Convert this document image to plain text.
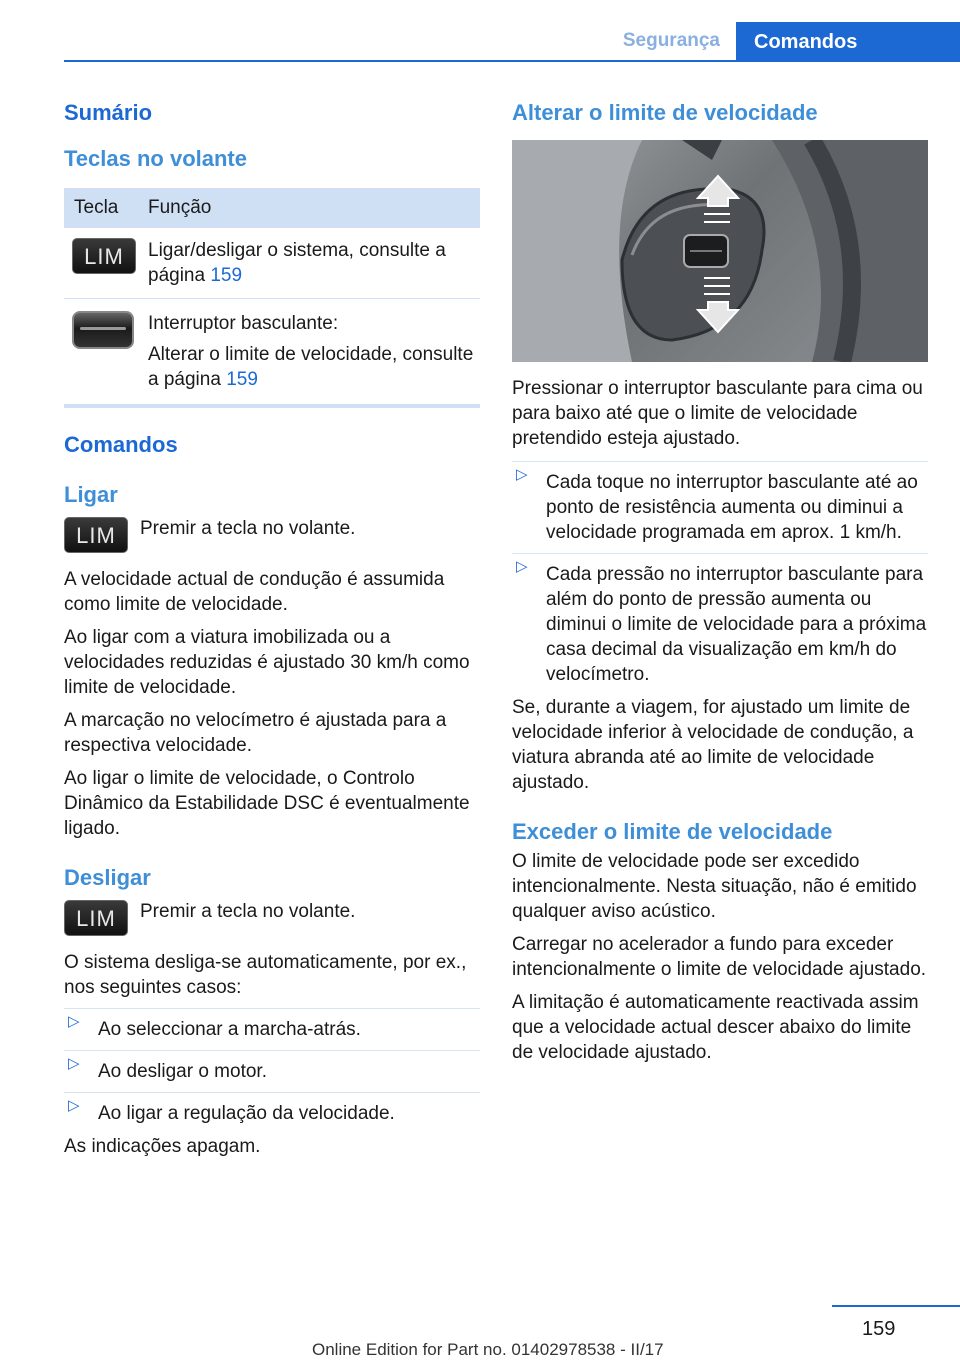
Segurança	Comandos
Sumário
Teclas no volante
Tecla	Função

LIM	Ligar/desligar o sistema, consulte a página 159

	Interruptor basculante:
Alterar o limite de velocidade, consulte a página 159
Comandos
Ligar
LIM	Premir a tecla no volante.

A velocidade actual de condução é assumida como limite de velocidade.

Ao ligar com a viatura imobilizada ou a velocidades reduzidas é ajustado 30 km/h como limite de velocidade.

A marcação no velocímetro é ajustada para a respectiva velocidade.

Ao ligar o limite de velocidade, o Controlo Dinâmico da Estabilidade DSC é eventualmente ligado.

Desligar
LIM	Premir a tecla no volante.

O sistema desliga-se automaticamente, por ex., nos seguintes casos:

▷ Ao seleccionar a marcha-atrás.
▷ Ao desligar o motor.
▷ Ao ligar a regulação da velocidade.

As indicações apagam.

Alterar o limite de velocidade

Pressionar o interruptor basculante para cima ou para baixo até que o limite de velocidade pretendido esteja ajustado.

▷ Cada toque no interruptor basculante até ao ponto de resistência aumenta ou diminui a velocidade programada em aprox. 1 km/h.
▷ Cada pressão no interruptor basculante para além do ponto de pressão aumenta ou diminui o limite de velocidade para a próxima casa decimal da visualização em km/h do velocímetro.

Se, durante a viagem, for ajustado um limite de velocidade inferior à velocidade de condução, a viatura abranda até ao limite de velocidade ajustado.

Exceder o limite de velocidade

O limite de velocidade pode ser excedido intencionalmente. Nesta situação, não é emitido qualquer aviso acústico.

Carregar no acelerador a fundo para exceder intencionalmente o limite de velocidade ajustado.

A limitação é automaticamente reactivada assim que a velocidade actual descer abaixo do limite de velocidade ajustado.

159
Online Edition for Part no. 01402978538 - II/17
